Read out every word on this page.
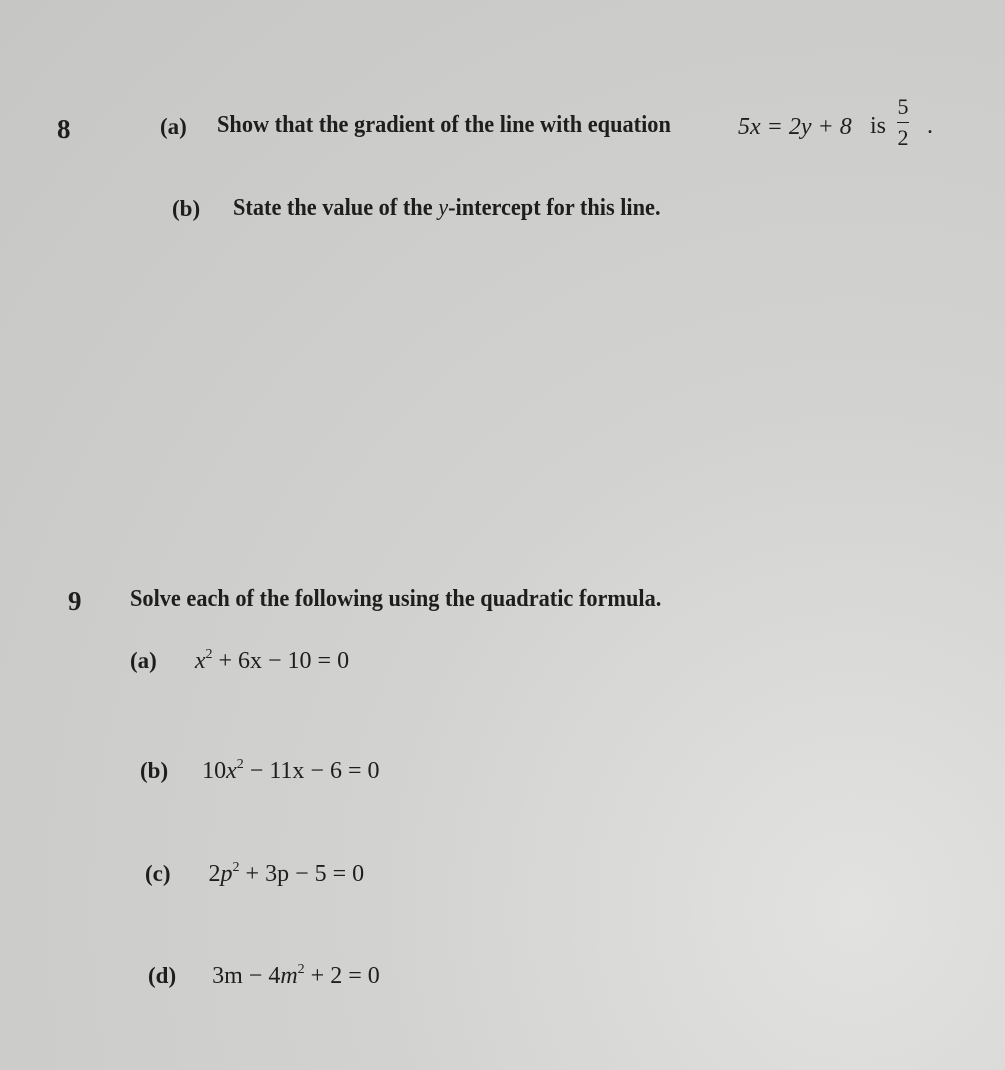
8	(a) Show that the gradient of the line with equation	5x = 2y + 8 is
5
2 .
(b) State the value of the y-intercept for this line.
9 Solve each of the following using the quadratic formula.
(a) $x^2 + 6x - 10 = 0$
(b) $10x^2 - 11x - 6 = 0$
(c) $2p^2 + 3p - 5 = 0$
(d) $3m - 4m^2 + 2 = 0$
